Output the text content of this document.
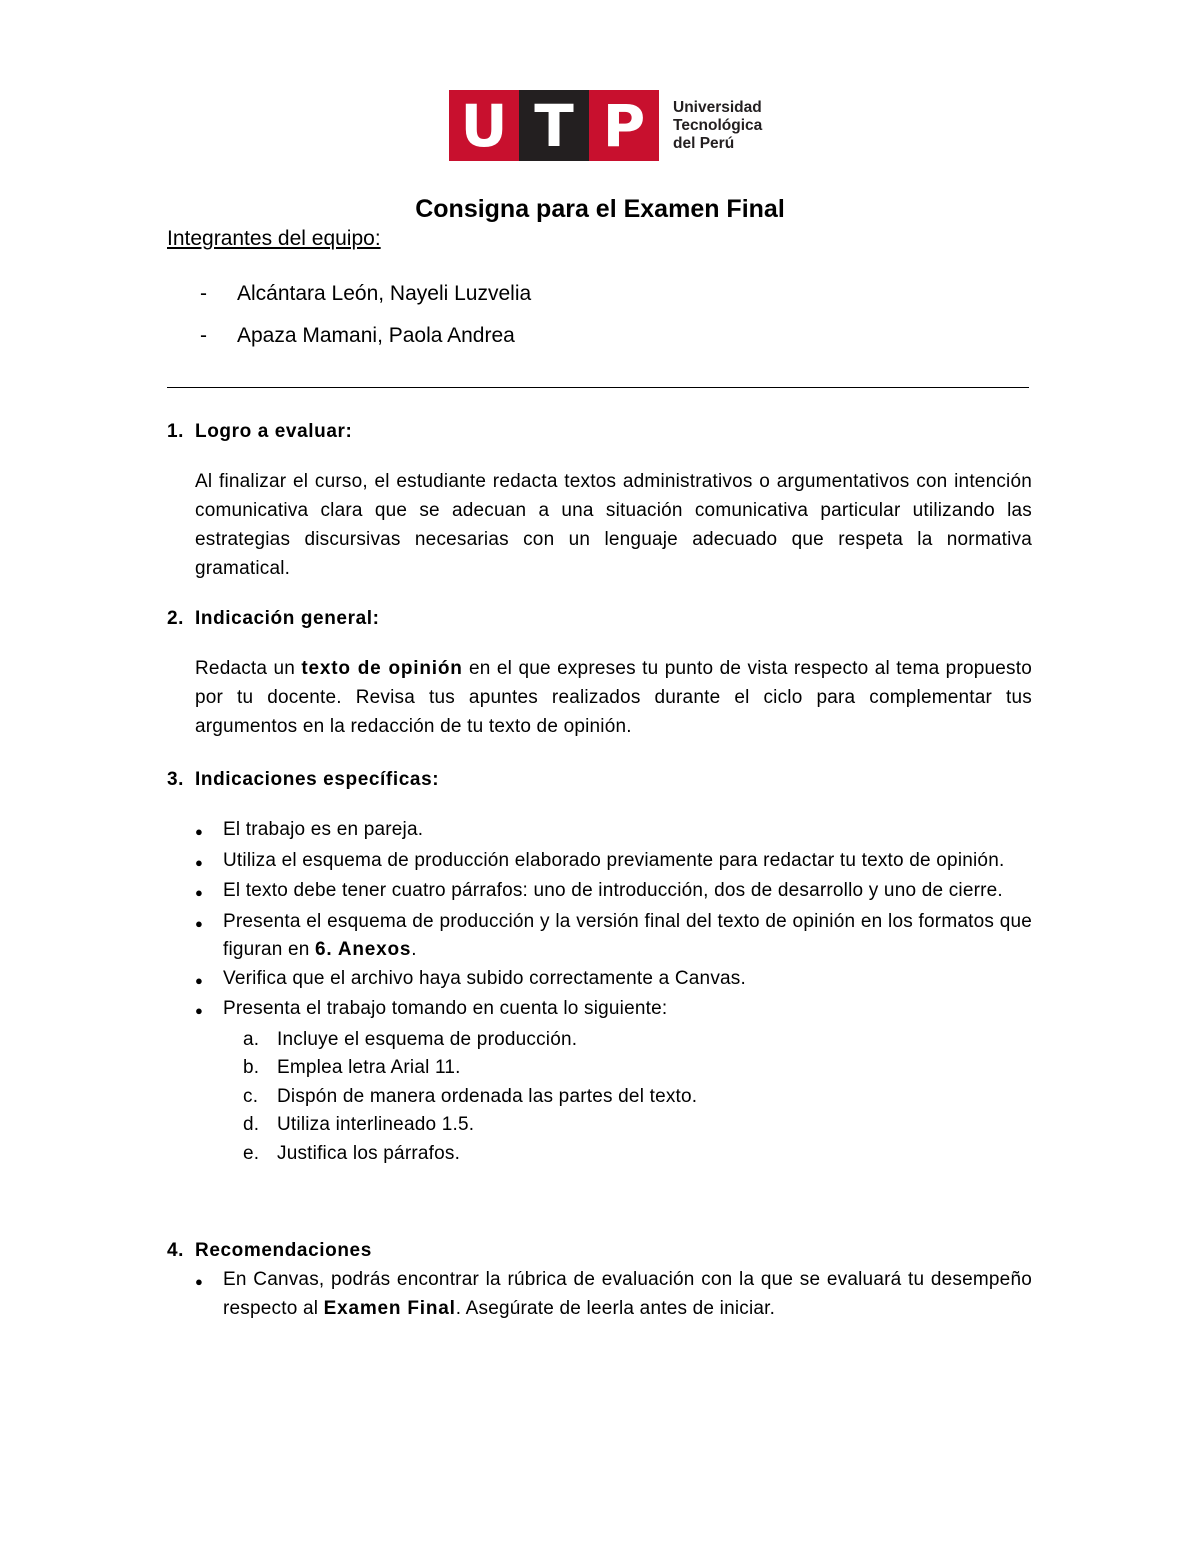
U T P	Universidad
Tecnológica
del Perú
Consigna para el Examen Final
Integrantes del equipo:
- Alcántara León, Nayeli Luzvelia
- Apaza Mamani, Paola Andrea
1. Logro a evaluar:
Al finalizar el curso, el estudiante redacta textos administrativos o argumentativos con intención comunicativa clara que se adecuan a una situación comunicativa particular utilizando las estrategias discursivas necesarias con un lenguaje adecuado que respeta la normativa gramatical.
2. Indicación general:
Redacta un texto de opinión en el que expreses tu punto de vista respecto al tema propuesto por tu docente. Revisa tus apuntes realizados durante el ciclo para complementar tus argumentos en la redacción de tu texto de opinión.
3. Indicaciones específicas:
●	El trabajo es en pareja.
●	Utiliza el esquema de producción elaborado previamente para redactar tu texto de opinión.
●	El texto debe tener cuatro párrafos: uno de introducción, dos de desarrollo y uno de cierre.
●	Presenta el esquema de producción y la versión final del texto de opinión en los formatos que figuran en 6. Anexos.
●	Verifica que el archivo haya subido correctamente a Canvas.
●	Presenta el trabajo tomando en cuenta lo siguiente:
a. Incluye el esquema de producción.
b. Emplea letra Arial 11.
c. Dispón de manera ordenada las partes del texto.
d. Utiliza interlineado 1.5.
e. Justifica los párrafos.
4. Recomendaciones
●	En Canvas, podrás encontrar la rúbrica de evaluación con la que se evaluará tu desempeño respecto al Examen Final. Asegúrate de leerla antes de iniciar.
